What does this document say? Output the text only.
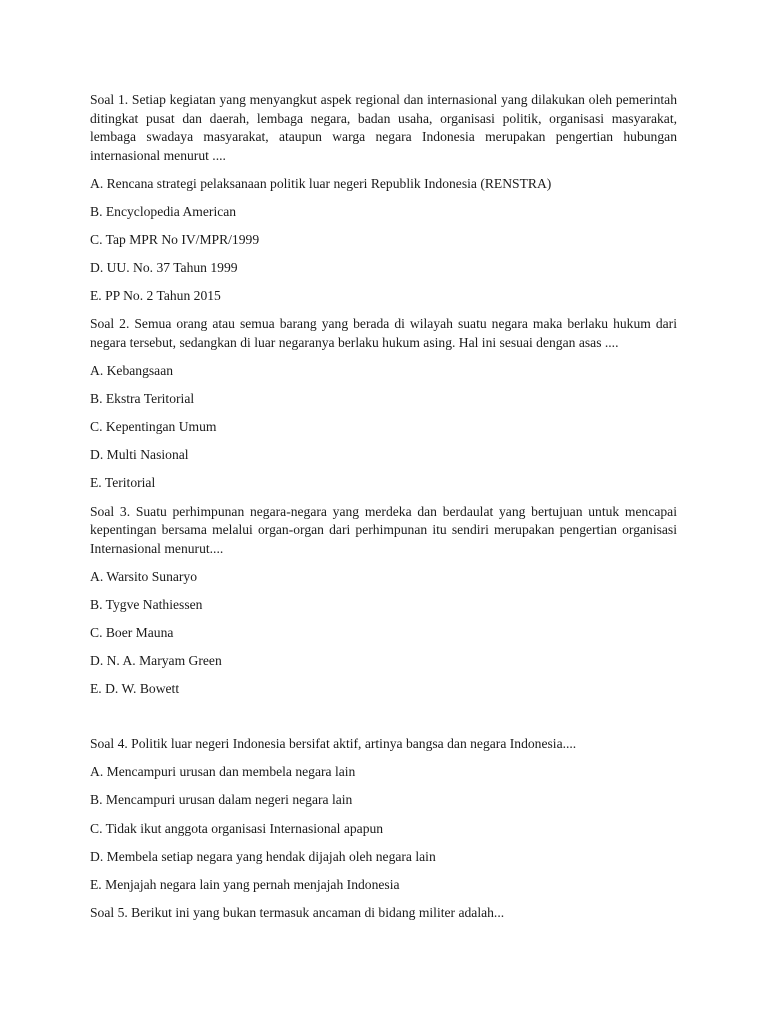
Soal 1. Setiap kegiatan yang menyangkut aspek regional dan internasional yang dilakukan oleh pemerintah ditingkat pusat dan daerah, lembaga negara, badan usaha, organisasi politik, organisasi masyarakat, lembaga swadaya masyarakat, ataupun warga negara Indonesia merupakan pengertian hubungan internasional menurut ....

A. Rencana strategi pelaksanaan politik luar negeri Republik Indonesia (RENSTRA)

B. Encyclopedia American

C. Tap MPR No IV/MPR/1999

D. UU. No. 37 Tahun 1999

E. PP No. 2 Tahun 2015

Soal 2. Semua orang atau semua barang yang berada di wilayah suatu negara maka berlaku hukum dari negara tersebut, sedangkan di luar negaranya berlaku hukum asing. Hal ini sesuai dengan asas ....

A. Kebangsaan

B. Ekstra Teritorial

C. Kepentingan Umum

D. Multi Nasional

E. Teritorial

Soal 3. Suatu perhimpunan negara-negara yang merdeka dan berdaulat yang bertujuan untuk mencapai kepentingan bersama melalui organ-organ dari perhimpunan itu sendiri merupakan pengertian organisasi Internasional menurut....

A. Warsito Sunaryo

B. Tygve Nathiessen

C. Boer Mauna

D. N. A. Maryam Green

E. D. W. Bowett

Soal 4. Politik luar negeri Indonesia bersifat aktif, artinya bangsa dan negara Indonesia....

A. Mencampuri urusan dan membela negara lain

B. Mencampuri urusan dalam negeri negara lain

C. Tidak ikut anggota organisasi Internasional apapun

D. Membela setiap negara yang hendak dijajah oleh negara lain

E. Menjajah negara lain yang pernah menjajah Indonesia

Soal 5. Berikut ini yang bukan termasuk ancaman di bidang militer adalah...
